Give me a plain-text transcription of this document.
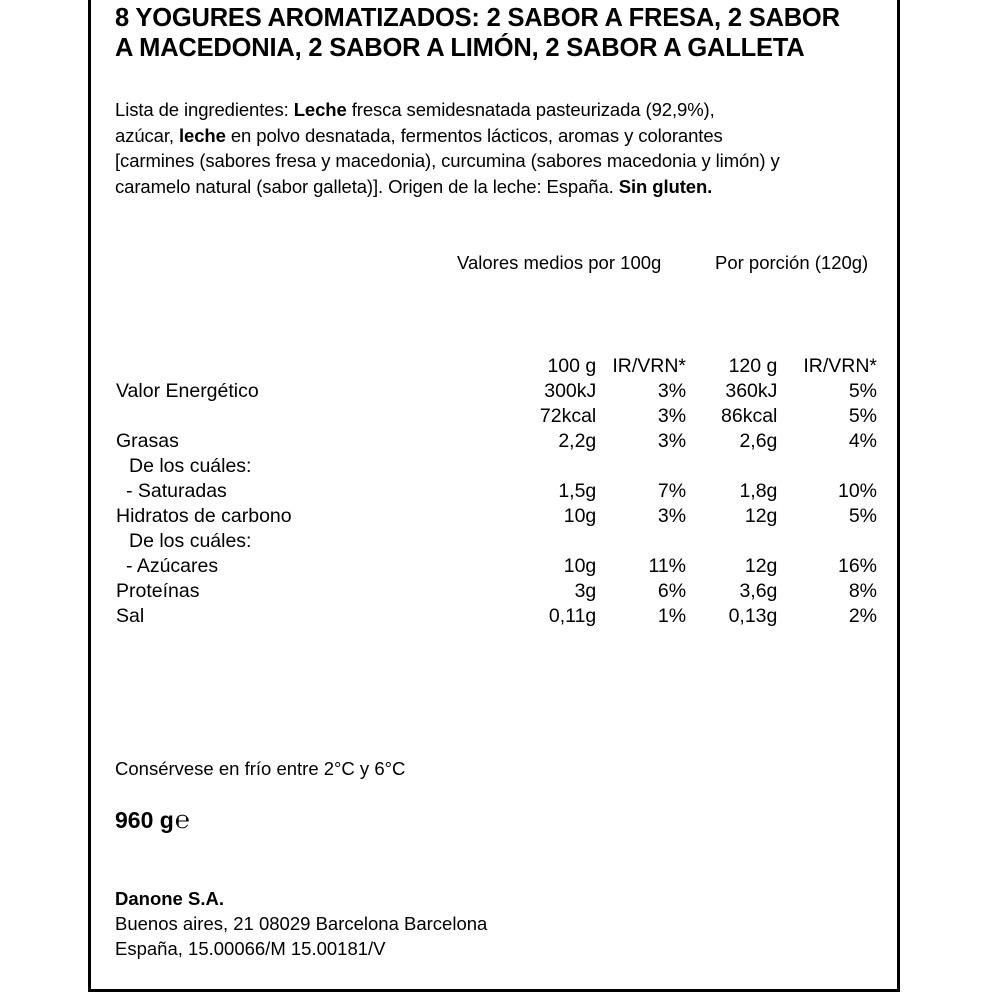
8 YOGURES AROMATIZADOS: 2 SABOR A FRESA, 2 SABOR
A MACEDONIA, 2 SABOR A LIMÓN, 2 SABOR A GALLETA
Lista de ingredientes: Leche fresca semidesnatada pasteurizada (92,9%),
azúcar, leche en polvo desnatada, fermentos lácticos, aromas y colorantes
[carmines (sabores fresa y macedonia), curcumina (sabores macedonia y limón) y
caramelo natural (sabor galleta)]. Origen de la leche: España. Sin gluten.
Valores medios por 100g	Por porción (120g)
	100 g	IR/VRN*	120 g	IR/VRN*
Valor Energético	300kJ	3%	360kJ	5%
	72kcal	3%	86kcal	5%
Grasas	2,2g	3%	2,6g	4%
De los cuáles:				
- Saturadas	1,5g	7%	1,8g	10%
Hidratos de carbono	10g	3%	12g	5%
De los cuáles:				
- Azúcares	10g	11%	12g	16%
Proteínas	3g	6%	3,6g	8%
Sal	0,11g	1%	0,13g	2%
Consérvese en frío entre 2°C y 6°C
960 g℮
Danone S.A.
Buenos aires, 21 08029 Barcelona Barcelona
España, 15.00066/M 15.00181/V
